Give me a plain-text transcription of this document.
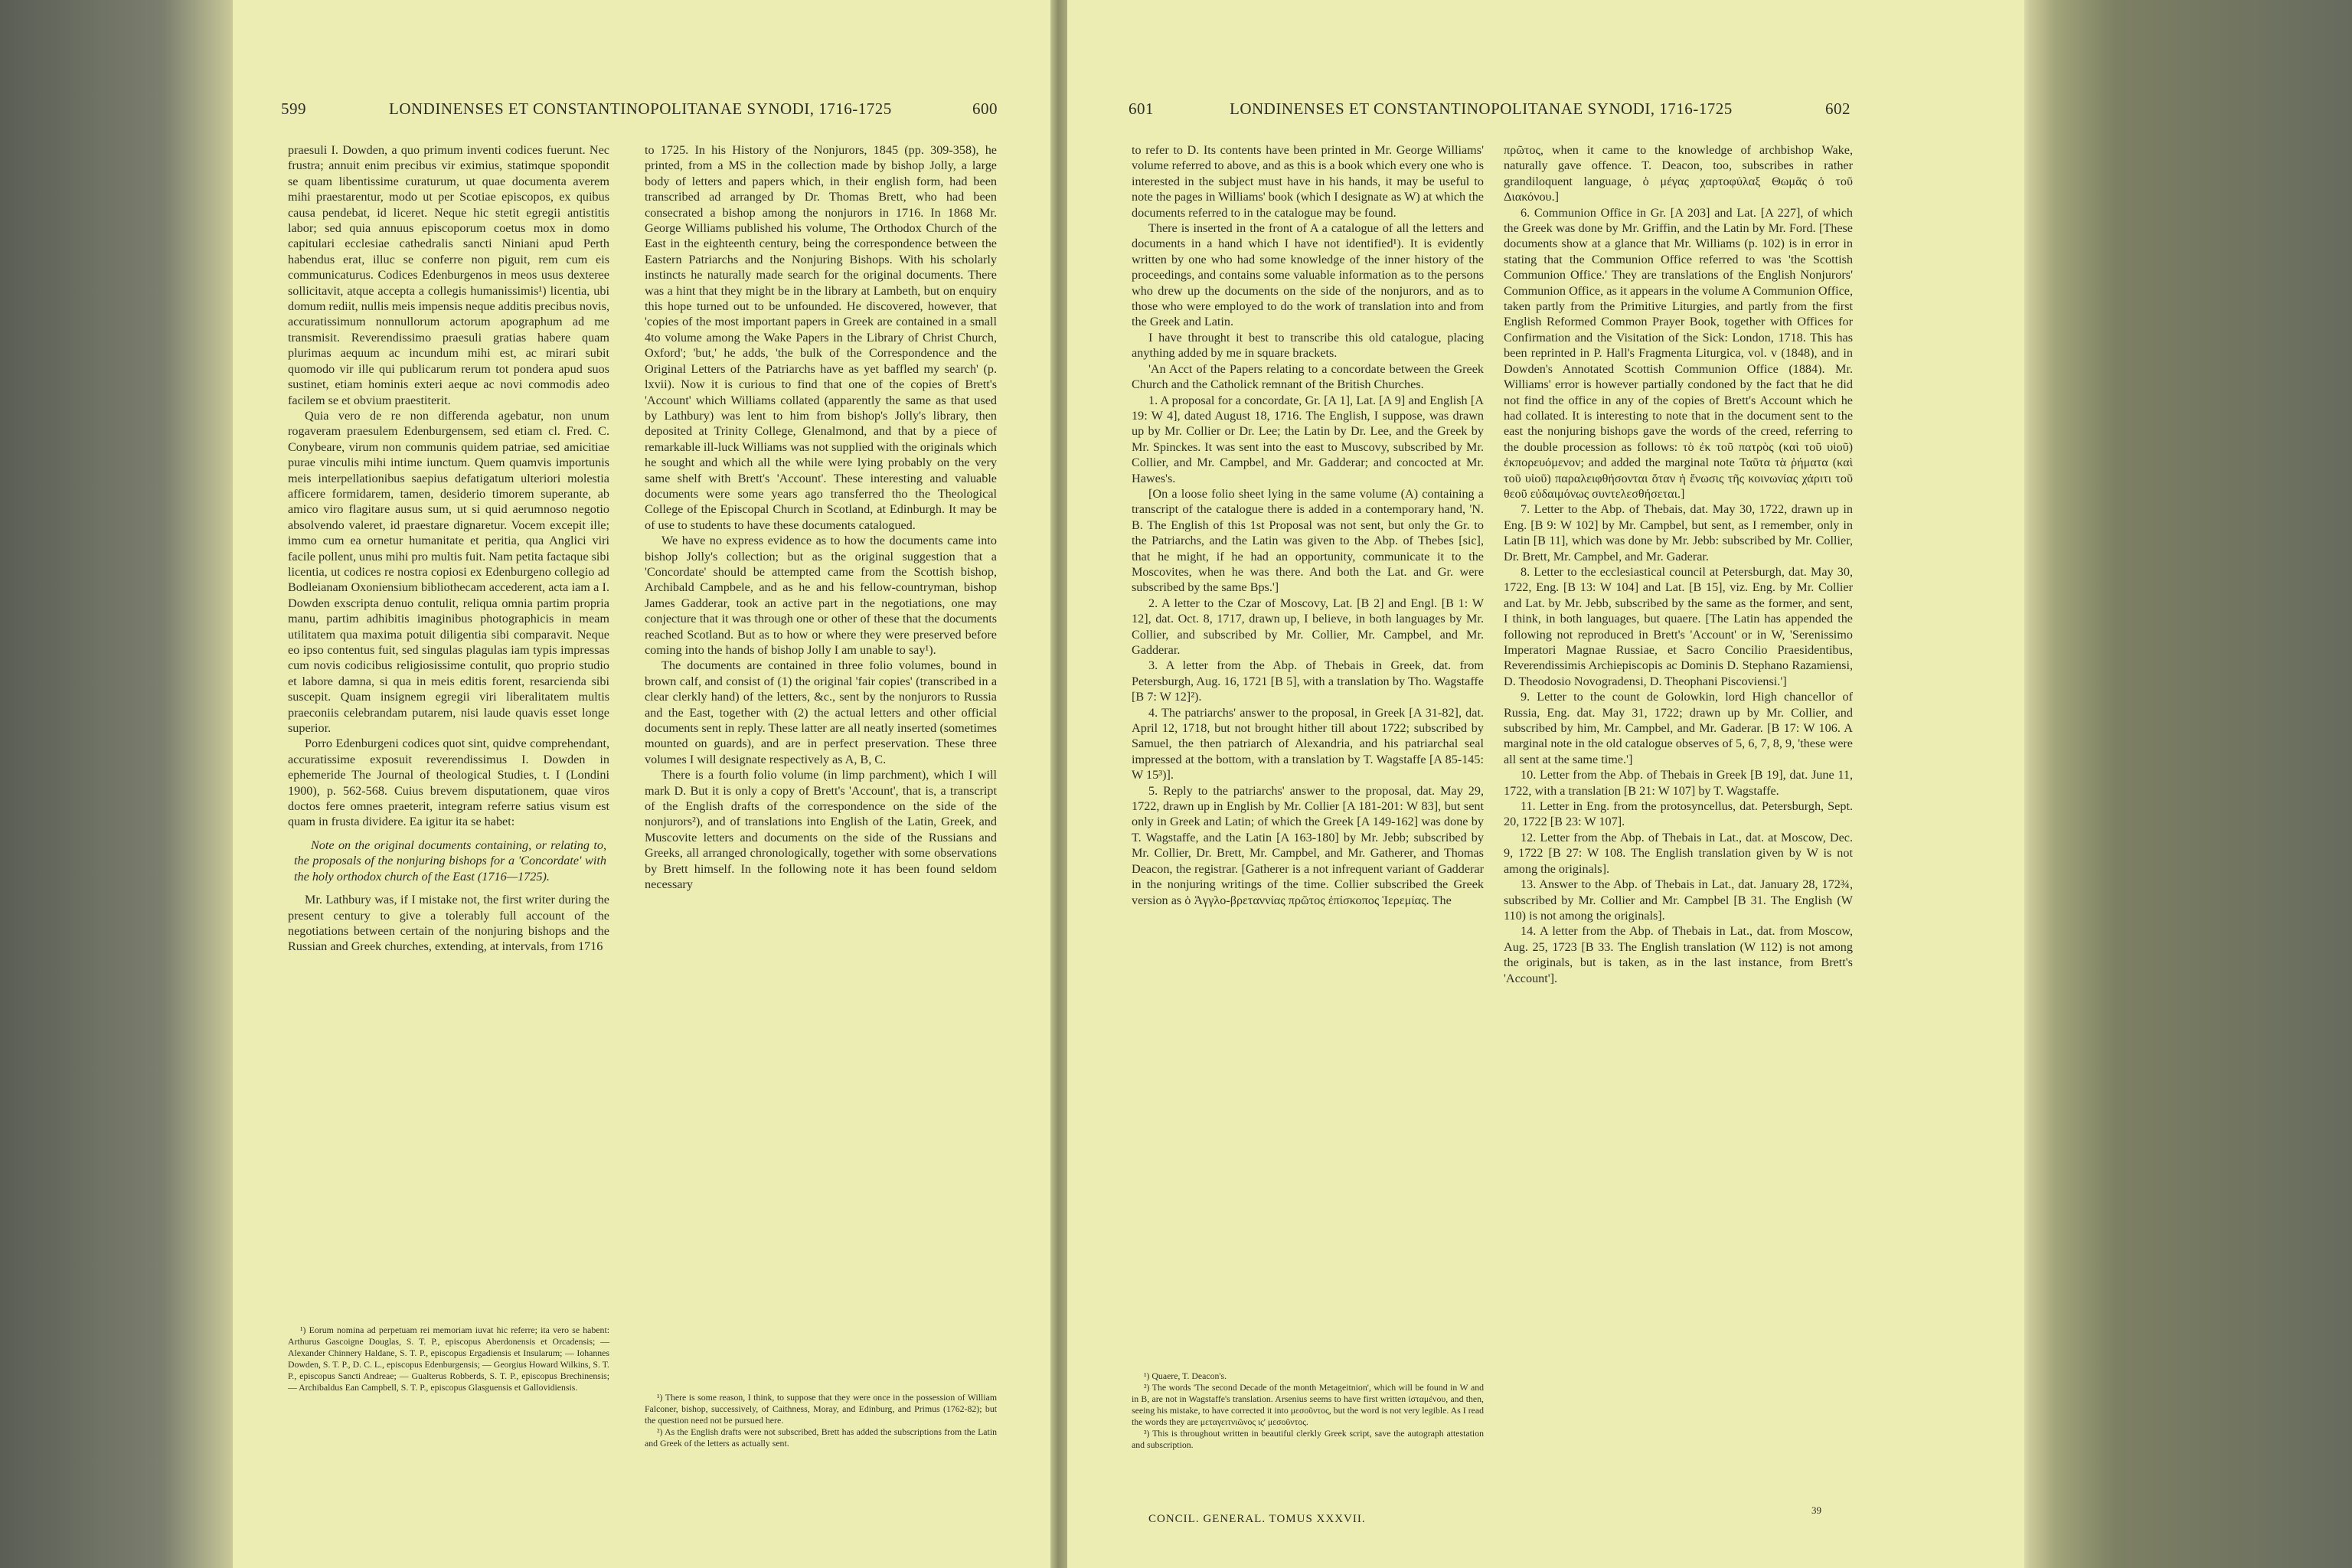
599	LONDINENSES ET CONSTANTINOPOLITANAE SYNODI, 1716-1725	600

praesuli I. Dowden, a quo primum inventi codices fuerunt. Nec frustra; annuit enim precibus vir eximius, statimque spopondit se quam libentissime curaturum, ut quae documenta averem mihi praestarentur, modo ut per Scotiae episcopos, ex quibus causa pendebat, id liceret. Neque hic stetit egregii antistitis labor; sed quia annuus episcoporum coetus mox in domo capitulari ecclesiae cathedralis sancti Niniani apud Perth habendus erat, illuc se conferre non piguit, rem cum eis communicaturus. Codices Edenburgenos in meos usus dexteree sollicitavit, atque accepta a collegis humanissimis¹) licentia, ubi domum rediit, nullis meis impensis neque additis precibus novis, accuratissimum nonnullorum actorum apographum ad me transmisit. Reverendissimo praesuli gratias habere quam plurimas aequum ac incundum mihi est, ac mirari subit quomodo vir ille qui publicarum rerum tot pondera apud suos sustinet, etiam hominis exteri aeque ac novi commodis adeo facilem se et obvium praestiterit.

Quia vero de re non differenda agebatur, non unum rogaveram praesulem Edenburgensem, sed etiam cl. Fred. C. Conybeare, virum non communis quidem patriae, sed amicitiae purae vinculis mihi intime iunctum. Quem quamvis importunis meis interpellationibus saepius defatigatum ulteriori molestia afficere formidarem, tamen, desiderio timorem superante, ab amico viro flagitare ausus sum, ut si quid aerumnoso negotio absolvendo valeret, id praestare dignaretur. Vocem excepit ille; immo cum ea ornetur humanitate et peritia, qua Anglici viri facile pollent, unus mihi pro multis fuit. Nam petita factaque sibi licentia, ut codices re nostra copiosi ex Edenburgeno collegio ad Bodleianam Oxoniensium bibliothecam accederent, acta iam a I. Dowden exscripta denuo contulit, reliqua omnia partim propria manu, partim adhibitis imaginibus photographicis in meam utilitatem qua maxima potuit diligentia sibi comparavit. Neque eo ipso contentus fuit, sed singulas plagulas iam typis impressas cum novis codicibus religiosissime contulit, quo proprio studio et labore damna, si qua in meis editis forent, resarcienda sibi suscepit. Quam insignem egregii viri liberalitatem multis praeconiis celebrandam putarem, nisi laude quavis esset longe superior.

Porro Edenburgeni codices quot sint, quidve comprehendant, accuratissime exposuit reverendissimus I. Dowden in ephemeride The Journal of theological Studies, t. I (Londini 1900), p. 562-568. Cuius brevem disputationem, quae viros doctos fere omnes praeterit, integram referre satius visum est quam in frusta dividere. Ea igitur ita se habet:

Note on the original documents containing, or relating to, the proposals of the nonjuring bishops for a 'Concordate' with the holy orthodox church of the East (1716—1725).

Mr. Lathbury was, if I mistake not, the first writer during the present century to give a tolerably full account of the negotiations between certain of the nonjuring bishops and the Russian and Greek churches, extending, at intervals, from 1716

to 1725. In his History of the Nonjurors, 1845 (pp. 309-358), he printed, from a MS in the collection made by bishop Jolly, a large body of letters and papers which, in their english form, had been transcribed ad arranged by Dr. Thomas Brett, who had been consecrated a bishop among the nonjurors in 1716. In 1868 Mr. George Williams published his volume, The Orthodox Church of the East in the eighteenth century, being the correspondence between the Eastern Patriarchs and the Nonjuring Bishops. With his scholarly instincts he naturally made search for the original documents. There was a hint that they might be in the library at Lambeth, but on enquiry this hope turned out to be unfounded. He discovered, however, that 'copies of the most important papers in Greek are contained in a small 4to volume among the Wake Papers in the Library of Christ Church, Oxford'; 'but,' he adds, 'the bulk of the Correspondence and the Original Letters of the Patriarchs have as yet baffled my search' (p. lxvii). Now it is curious to find that one of the copies of Brett's 'Account' which Williams collated (apparently the same as that used by Lathbury) was lent to him from bishop's Jolly's library, then deposited at Trinity College, Glenalmond, and that by a piece of remarkable ill-luck Williams was not supplied with the originals which he sought and which all the while were lying probably on the very same shelf with Brett's 'Account'. These interesting and valuable documents were some years ago transferred tho the Theological College of the Episcopal Church in Scotland, at Edinburgh. It may be of use to students to have these documents catalogued.

We have no express evidence as to how the documents came into bishop Jolly's collection; but as the original suggestion that a 'Concordate' should be attempted came from the Scottish bishop, Archibald Campbele, and as he and his fellow-countryman, bishop James Gadderar, took an active part in the negotiations, one may conjecture that it was through one or other of these that the documents reached Scotland. But as to how or where they were preserved before coming into the hands of bishop Jolly I am unable to say¹).

The documents are contained in three folio volumes, bound in brown calf, and consist of (1) the original 'fair copies' (transcribed in a clear clerkly hand) of the letters, &c., sent by the nonjurors to Russia and the East, together with (2) the actual letters and other official documents sent in reply. These latter are all neatly inserted (sometimes mounted on guards), and are in perfect preservation. These three volumes I will designate respectively as A, B, C.

There is a fourth folio volume (in limp parchment), which I will mark D. But it is only a copy of Brett's 'Account', that is, a transcript of the English drafts of the correspondence on the side of the nonjurors²), and of translations into English of the Latin, Greek, and Muscovite letters and documents on the side of the Russians and Greeks, all arranged chronologically, together with some observations by Brett himself. In the following note it has been found seldom necessary

¹) Eorum nomina ad perpetuam rei memoriam iuvat hic referre; ita vero se habent: Arthurus Gascoigne Douglas, S. T. P., episcopus Aberdonensis et Orcadensis; — Alexander Chinnery Haldane, S. T. P., episcopus Ergadiensis et Insularum; — Iohannes Dowden, S. T. P., D. C. L., episcopus Edenburgensis; — Georgius Howard Wilkins, S. T. P., episcopus Sancti Andreae; — Gualterus Robberds, S. T. P., episcopus Brechinensis; — Archibaldus Ean Campbell, S. T. P., episcopus Glasguensis et Gallovidiensis.

¹) There is some reason, I think, to suppose that they were once in the possession of William Falconer, bishop, successively, of Caithness, Moray, and Edinburg, and Primus (1762-82); but the question need not be pursued here.

²) As the English drafts were not subscribed, Brett has added the subscriptions from the Latin and Greek of the letters as actually sent.

601	LONDINENSES ET CONSTANTINOPOLITANAE SYNODI, 1716-1725	602

to refer to D. Its contents have been printed in Mr. George Williams' volume referred to above, and as this is a book which every one who is interested in the subject must have in his hands, it may be useful to note the pages in Williams' book (which I designate as W) at which the documents referred to in the catalogue may be found.

There is inserted in the front of A a catalogue of all the letters and documents in a hand which I have not identified¹). It is evidently written by one who had some knowledge of the inner history of the proceedings, and contains some valuable information as to the persons who drew up the documents on the side of the nonjurors, and as to those who were employed to do the work of translation into and from the Greek and Latin.

I have throught it best to transcribe this old catalogue, placing anything added by me in square brackets.

'An Acct of the Papers relating to a concordate between the Greek Church and the Catholick remnant of the British Churches.

1. A proposal for a concordate, Gr. [A 1], Lat. [A 9] and English [A 19: W 4], dated August 18, 1716. The English, I suppose, was drawn up by Mr. Collier or Dr. Lee; the Latin by Dr. Lee, and the Greek by Mr. Spinckes. It was sent into the east to Muscovy, subscribed by Mr. Collier, and Mr. Campbel, and Mr. Gadderar; and concocted at Mr. Hawes's.

[On a loose folio sheet lying in the same volume (A) containing a transcript of the catalogue there is added in a contemporary hand, 'N. B. The English of this 1st Proposal was not sent, but only the Gr. to the Patriarchs, and the Latin was given to the Abp. of Thebes [sic], that he might, if he had an opportunity, communicate it to the Moscovites, when he was there. And both the Lat. and Gr. were subscribed by the same Bps.']

2. A letter to the Czar of Moscovy, Lat. [B 2] and Engl. [B 1: W 12], dat. Oct. 8, 1717, drawn up, I believe, in both languages by Mr. Collier, and subscribed by Mr. Collier, Mr. Campbel, and Mr. Gadderar.

3. A letter from the Abp. of Thebais in Greek, dat. from Petersburgh, Aug. 16, 1721 [B 5], with a translation by Tho. Wagstaffe [B 7: W 12]²).

4. The patriarchs' answer to the proposal, in Greek [A 31-82], dat. April 12, 1718, but not brought hither till about 1722; subscribed by Samuel, the then patriarch of Alexandria, and his patriarchal seal impressed at the bottom, with a translation by T. Wagstaffe [A 85-145: W 15³)].

5. Reply to the patriarchs' answer to the proposal, dat. May 29, 1722, drawn up in English by Mr. Collier [A 181-201: W 83], but sent only in Greek and Latin; of which the Greek [A 149-162] was done by T. Wagstaffe, and the Latin [A 163-180] by Mr. Jebb; subscribed by Mr. Collier, Dr. Brett, Mr. Campbel, and Mr. Gatherer, and Thomas Deacon, the registrar. [Gatherer is a not infrequent variant of Gadderar in the nonjuring writings of the time. Collier subscribed the Greek version as ὁ Ἀγγλο-βρεταννίας πρῶτος ἐπίσκοπος Ἱερεμίας. The

πρῶτος, when it came to the knowledge of archbishop Wake, naturally gave offence. T. Deacon, too, subscribes in rather grandiloquent language, ὁ μέγας χαρτοφύλαξ Θωμᾶς ὁ τοῦ Διακόνου.]

6. Communion Office in Gr. [A 203] and Lat. [A 227], of which the Greek was done by Mr. Griffin, and the Latin by Mr. Ford. [These documents show at a glance that Mr. Williams (p. 102) is in error in stating that the Communion Office referred to was 'the Scottish Communion Office.' They are translations of the English Nonjurors' Communion Office, as it appears in the volume A Communion Office, taken partly from the Primitive Liturgies, and partly from the first English Reformed Common Prayer Book, together with Offices for Confirmation and the Visitation of the Sick: London, 1718. This has been reprinted in P. Hall's Fragmenta Liturgica, vol. v (1848), and in Dowden's Annotated Scottish Communion Office (1884). Mr. Williams' error is however partially condoned by the fact that he did not find the office in any of the copies of Brett's Account which he had collated. It is interesting to note that in the document sent to the east the nonjuring bishops gave the words of the creed, referring to the double procession as follows: τὸ ἐκ τοῦ πατρὸς (καὶ τοῦ υἱοῦ) ἐκπορευόμενον; and added the marginal note Ταῦτα τὰ ῥήματα (καὶ τοῦ υἱοῦ) παραλειφθήσονται ὅταν ἡ ἕνωσις τῆς κοινωνίας χάριτι τοῦ θεοῦ εὐδαιμόνως συντελεσθήσεται.]

7. Letter to the Abp. of Thebais, dat. May 30, 1722, drawn up in Eng. [B 9: W 102] by Mr. Campbel, but sent, as I remember, only in Latin [B 11], which was done by Mr. Jebb: subscribed by Mr. Collier, Dr. Brett, Mr. Campbel, and Mr. Gaderar.

8. Letter to the ecclesiastical council at Petersburgh, dat. May 30, 1722, Eng. [B 13: W 104] and Lat. [B 15], viz. Eng. by Mr. Collier and Lat. by Mr. Jebb, subscribed by the same as the former, and sent, I think, in both languages, but quaere. [The Latin has appended the following not reproduced in Brett's 'Account' or in W, 'Serenissimo Imperatori Magnae Russiae, et Sacro Concilio Praesidentibus, Reverendissimis Archiepiscopis ac Dominis D. Stephano Razamiensi, D. Theodosio Novogradensi, D. Theophani Piscoviensi.']

9. Letter to the count de Golowkin, lord High chancellor of Russia, Eng. dat. May 31, 1722; drawn up by Mr. Collier, and subscribed by him, Mr. Campbel, and Mr. Gaderar. [B 17: W 106. A marginal note in the old catalogue observes of 5, 6, 7, 8, 9, 'these were all sent at the same time.']

10. Letter from the Abp. of Thebais in Greek [B 19], dat. June 11, 1722, with a translation [B 21: W 107] by T. Wagstaffe.

11. Letter in Eng. from the protosyncellus, dat. Petersburgh, Sept. 20, 1722 [B 23: W 107].

12. Letter from the Abp. of Thebais in Lat., dat. at Moscow, Dec. 9, 1722 [B 27: W 108. The English translation given by W is not among the originals].

13. Answer to the Abp. of Thebais in Lat., dat. January 28, 172¾, subscribed by Mr. Collier and Mr. Campbel [B 31. The English (W 110) is not among the originals].

14. A letter from the Abp. of Thebais in Lat., dat. from Moscow, Aug. 25, 1723 [B 33. The English translation (W 112) is not among the originals, but is taken, as in the last instance, from Brett's 'Account'].

¹) Quaere, T. Deacon's.

²) The words 'The second Decade of the month Metageitnion', which will be found in W and in B, are not in Wagstaffe's translation. Arsenius seems to have first written ἱσταμένου, and then, seeing his mistake, to have corrected it into μεσοῦντος, but the word is not very legible. As I read the words they are μεταγειτνιῶνος ις' μεσοῦντος.

³) This is throughout written in beautiful clerkly Greek script, save the autograph attestation and subscription.

CONCIL. GENERAL. TOMUS XXXVII.
39
